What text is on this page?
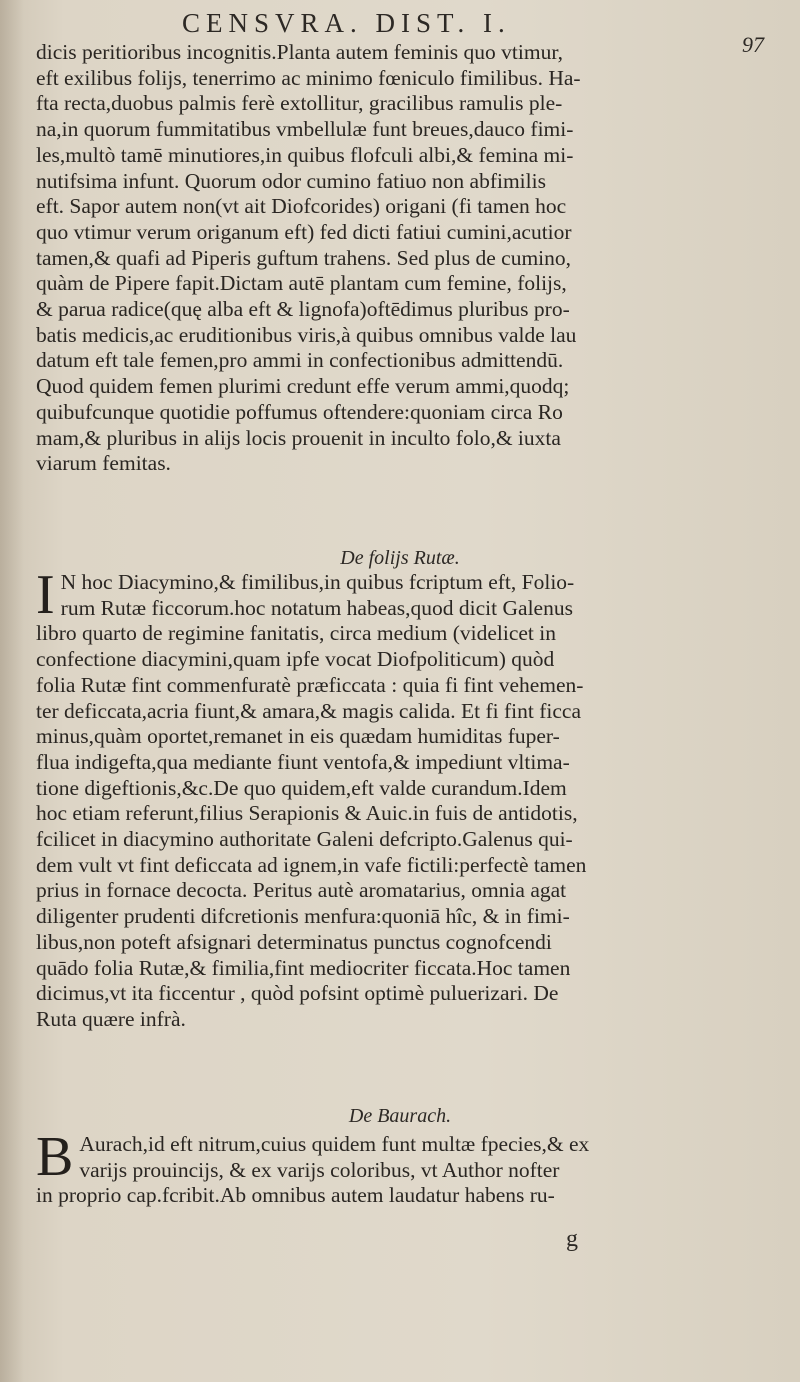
CENSVRA. DIST. I.
97
dicis peritioribus incognitis.Planta autem feminis quo vtimur,
eft exilibus folijs, tenerrimo ac minimo fœniculo fimilibus. Ha-
fta recta,duobus palmis ferè extollitur, gracilibus ramulis ple-
na,in quorum fummitatibus vmbellulæ funt breues,dauco fimi-
les,multò tamē minutiores,in quibus flofculi albi,& femina mi-
nutifsima infunt. Quorum odor cumino fatiuo non abfimilis
eft. Sapor autem non(vt ait Diofcorides) origani (fi tamen hoc
quo vtimur verum origanum eft) fed dicti fatiui cumini,acutior
tamen,& quafi ad Piperis guftum trahens. Sed plus de cumino,
quàm de Pipere fapit.Dictam autē plantam cum femine, folijs,
& parua radice(quę alba eft & lignofa)oftēdimus pluribus pro-
batis medicis,ac eruditionibus viris,à quibus omnibus valde lau
datum eft tale femen,pro ammi in confectionibus admittendū.
Quod quidem femen plurimi credunt effe verum ammi,quodq;
quibufcunque quotidie poffumus oftendere:quoniam circa Ro
mam,& pluribus in alijs locis prouenit in inculto folo,& iuxta
viarum femitas.
De folijs Rutæ.
I N hoc Diacymino,& fimilibus,in quibus fcriptum eft, Folio-
rum Rutæ ficcorum.hoc notatum habeas,quod dicit Galenus
libro quarto de regimine fanitatis, circa medium (videlicet in
confectione diacymini,quam ipfe vocat Diofpoliticum) quòd
folia Rutæ fint commenfuratè præficcata : quia fi fint vehemen-
ter deficcata,acria fiunt,& amara,& magis calida. Et fi fint ficca
minus,quàm oportet,remanet in eis quædam humiditas fuper-
flua indigefta,qua mediante fiunt ventofa,& impediunt vltima-
tione digeftionis,&c.De quo quidem,eft valde curandum.Idem
hoc etiam referunt,filius Serapionis & Auic.in fuis de antidotis,
fcilicet in diacymino authoritate Galeni defcripto.Galenus qui-
dem vult vt fint deficcata ad ignem,in vafe fictili:perfectè tamen
prius in fornace decocta. Peritus autè aromatarius, omnia agat
diligenter prudenti difcretionis menfura:quoniā hîc, & in fimi-
libus,non poteft afsignari determinatus punctus cognofcendi
quādo folia Rutæ,& fimilia,fint mediocriter ficcata.Hoc tamen
dicimus,vt ita ficcentur , quòd pofsint optimè puluerizari. De
Ruta quære infrà.
De Baurach.
B Aurach,id eft nitrum,cuius quidem funt multæ fpecies,& ex
varijs prouincijs, & ex varijs coloribus, vt Author nofter
in proprio cap.fcribit.Ab omnibus autem laudatur habens ru-
g
